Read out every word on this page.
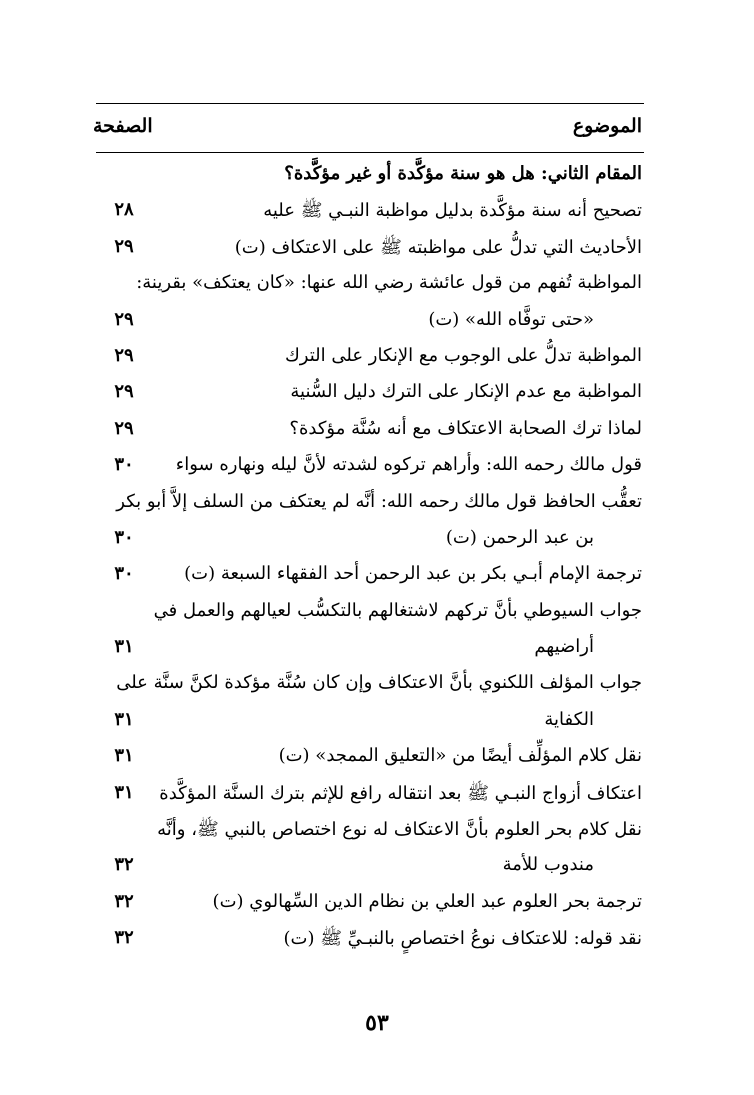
الموضوع
الصفحة
المقام الثاني: هل هو سنة مؤكَّدة أو غير مؤكَّدة؟
تصحيح أنه سنة مؤكَّدة بدليل مواظبة النبـي ﷺ عليه
٢٨
الأحاديث التي تدلُّ على مواظبته ﷺ على الاعتكاف (ت)
٢٩
المواظبة تُفهم من قول عائشة رضي الله عنها: «كان يعتكف» بقرينة:
«حتى توفَّاه الله» (ت)
٢٩
المواظبة تدلُّ على الوجوب مع الإنكار على الترك
٢٩
المواظبة مع عدم الإنكار على الترك دليل السُّنية
٢٩
لماذا ترك الصحابة الاعتكاف مع أنه سُنَّة مؤكدة؟
٢٩
قول مالك رحمه الله: وأراهم تركوه لشدته لأنَّ ليله ونهاره سواء
٣٠
تعقُّب الحافظ قول مالك رحمه الله: أنَّه لم يعتكف من السلف إلاَّ أبو بكر
بن عبد الرحمن (ت)
٣٠
ترجمة الإمام أبـي بكر بن عبد الرحمن أحد الفقهاء السبعة (ت)
٣٠
جواب السيوطي بأنَّ تركهم لاشتغالهم بالتكسُّب لعيالهم والعمل في
أراضيهم
٣١
جواب المؤلف اللكنوي بأنَّ الاعتكاف وإن كان سُنَّة مؤكدة لكنَّ سنَّة على
الكفاية
٣١
نقل كلام المؤلِّف أيضًا من «التعليق الممجد» (ت)
٣١
اعتكاف أزواج النبـي ﷺ بعد انتقاله رافع للإثم بترك السنَّة المؤكَّدة
٣١
نقل كلام بحر العلوم بأنَّ الاعتكاف له نوع اختصاص بالنبي ﷺ، وأنَّه
مندوب للأمة
٣٢
ترجمة بحر العلوم عبد العلي بن نظام الدين السِّهالوي (ت)
٣٢
نقد قوله: للاعتكاف نوعُ اختصاصٍ بالنبـيِّ ﷺ (ت)
٣٢
٥٣
